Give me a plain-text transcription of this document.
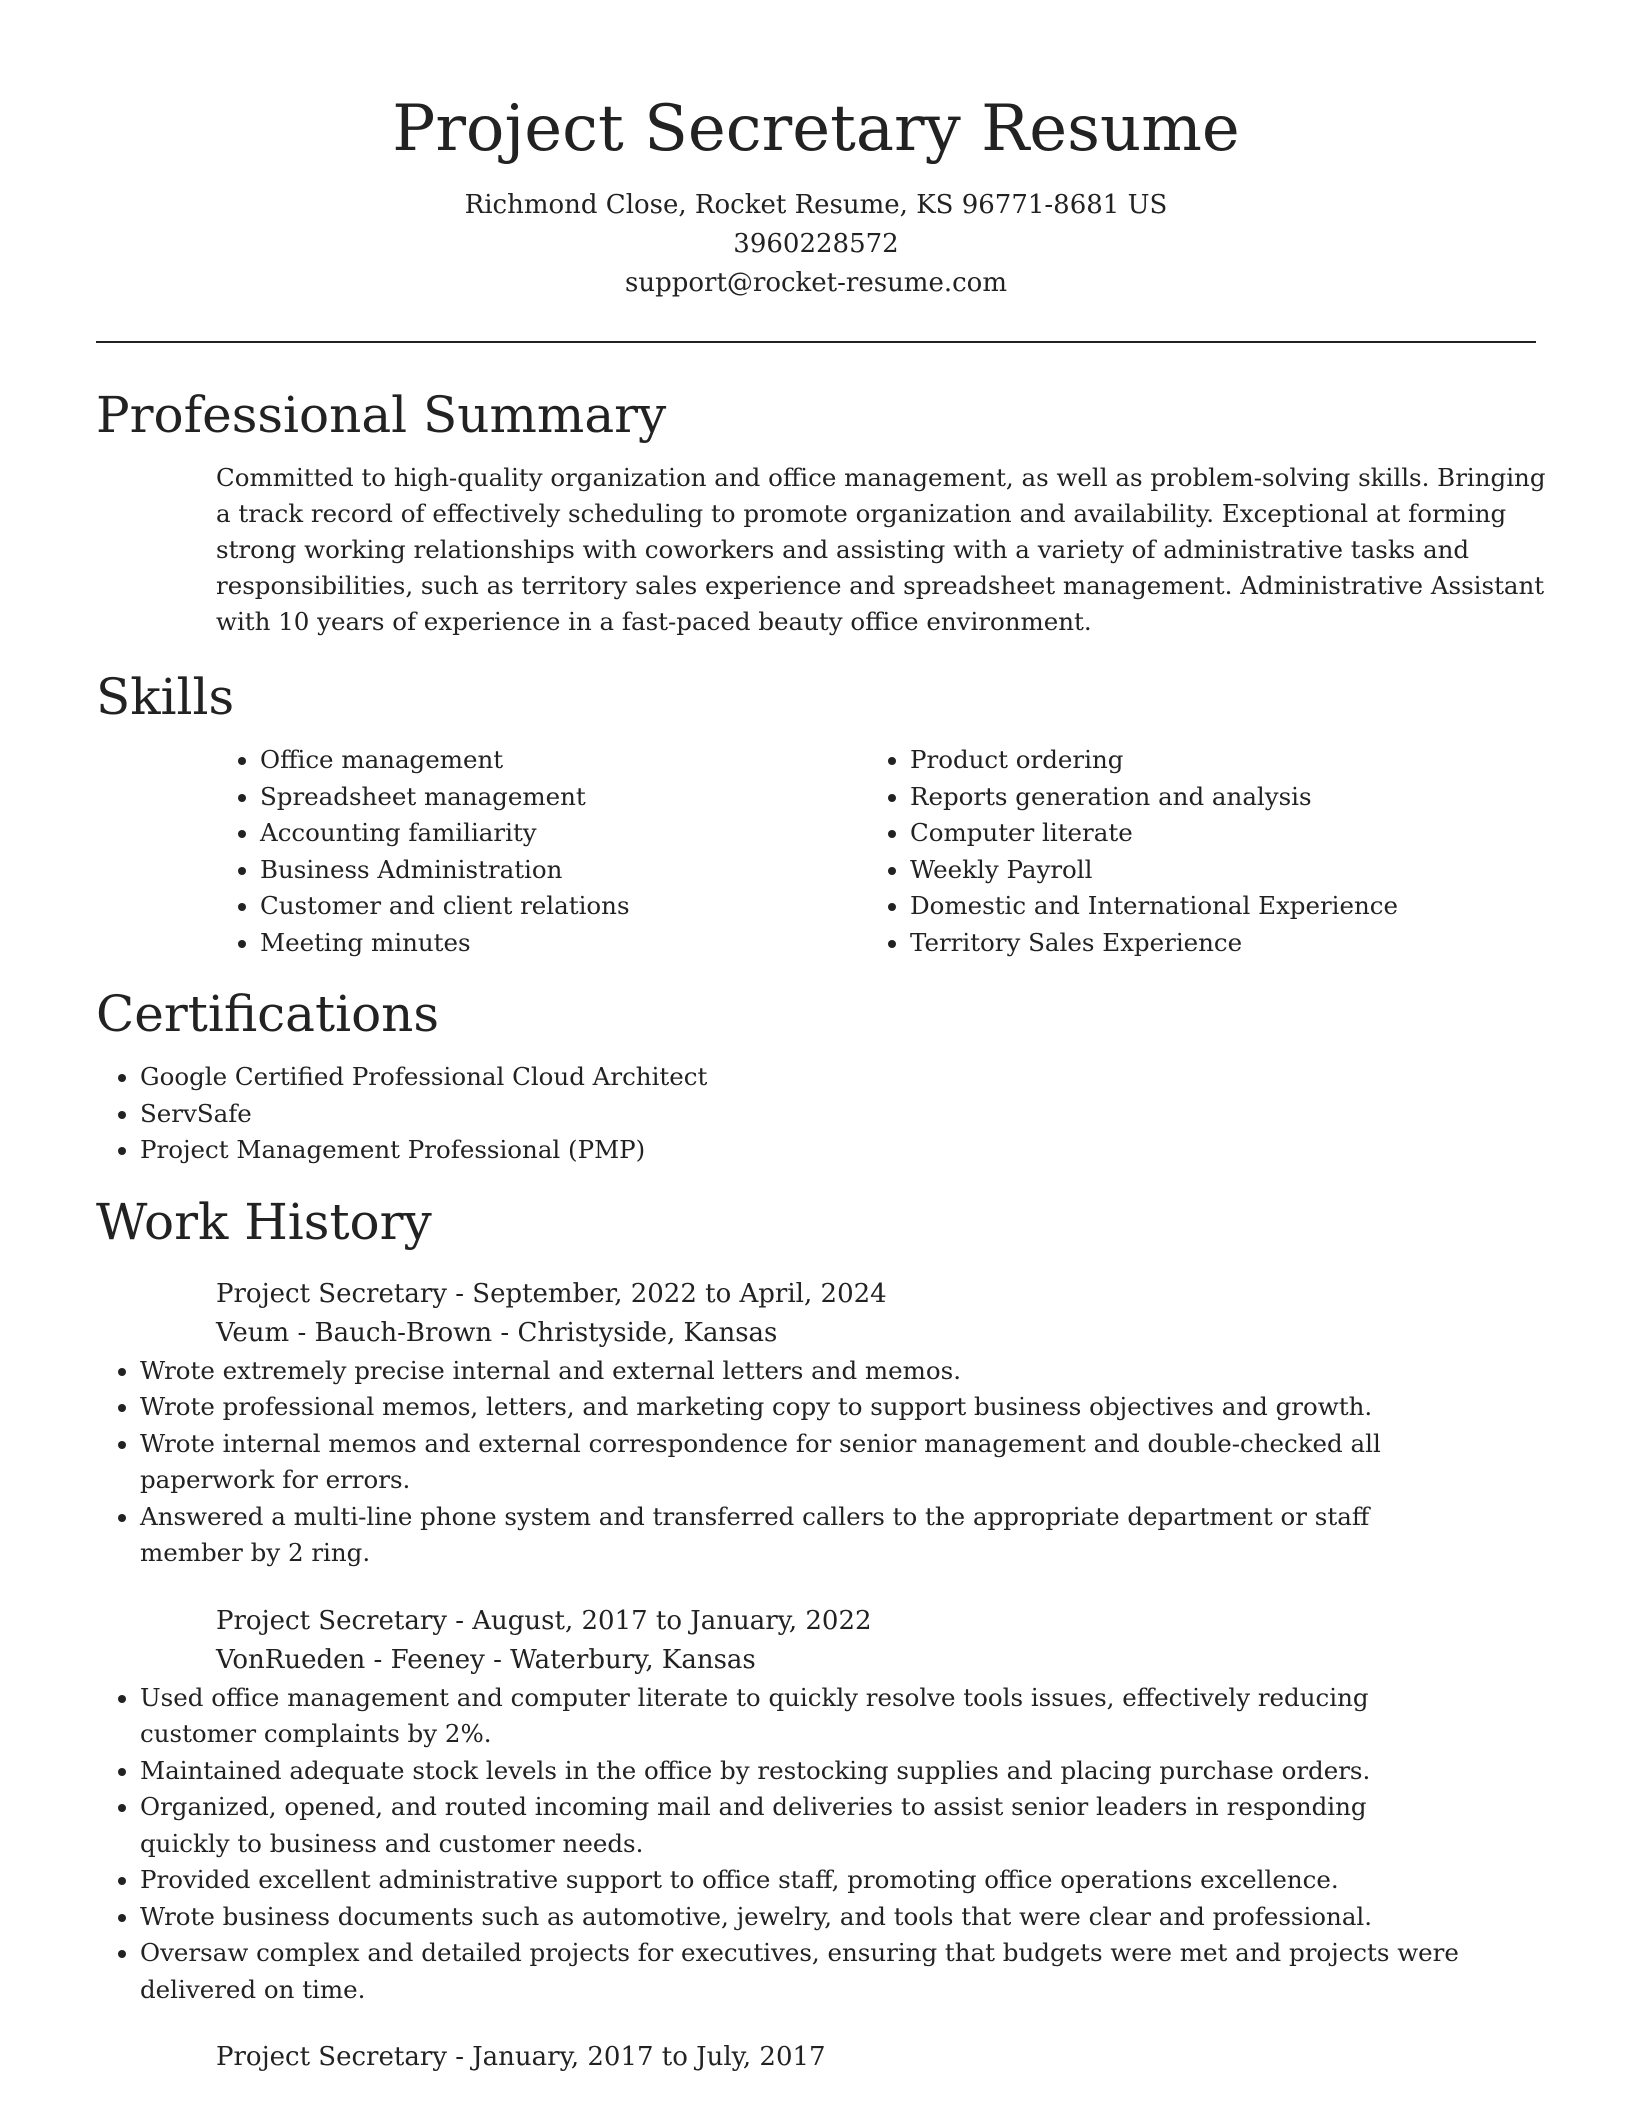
Project Secretary Resume
Richmond Close, Rocket Resume, KS 96771-8681 US
3960228572
support@rocket-resume.com
Professional Summary

Committed to high-quality organization and office management, as well as problem-solving skills. Bringing a track record of effectively scheduling to promote organization and availability. Exceptional at forming strong working relationships with coworkers and assisting with a variety of administrative tasks and responsibilities, such as territory sales experience and spreadsheet management. Administrative Assistant with 10 years of experience in a fast-paced beauty office environment.

Skills
• Office management
• Spreadsheet management
• Accounting familiarity
• Business Administration
• Customer and client relations
• Meeting minutes
• Product ordering
• Reports generation and analysis
• Computer literate
• Weekly Payroll
• Domestic and International Experience
• Territory Sales Experience
Certifications
• Google Certified Professional Cloud Architect
• ServSafe
• Project Management Professional (PMP)
Work History
Project Secretary - September, 2022 to April, 2024
Veum - Bauch-Brown - Christyside, Kansas
• Wrote extremely precise internal and external letters and memos.
• Wrote professional memos, letters, and marketing copy to support business objectives and growth.
• Wrote internal memos and external correspondence for senior management and double-checked all paperwork for errors.
• Answered a multi-line phone system and transferred callers to the appropriate department or staff member by 2 ring.
Project Secretary - August, 2017 to January, 2022
VonRueden - Feeney - Waterbury, Kansas
• Used office management and computer literate to quickly resolve tools issues, effectively reducing customer complaints by 2%.
• Maintained adequate stock levels in the office by restocking supplies and placing purchase orders.
• Organized, opened, and routed incoming mail and deliveries to assist senior leaders in responding quickly to business and customer needs.
• Provided excellent administrative support to office staff, promoting office operations excellence.
• Wrote business documents such as automotive, jewelry, and tools that were clear and professional.
• Oversaw complex and detailed projects for executives, ensuring that budgets were met and projects were delivered on time.
Project Secretary - January, 2017 to July, 2017
